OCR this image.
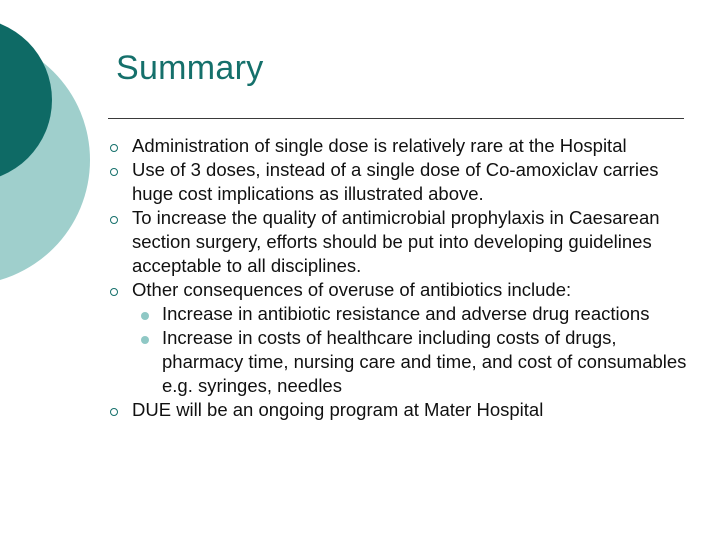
Summary
Administration of single dose is relatively rare at the Hospital
Use of 3 doses, instead of a single dose of Co-amoxiclav carries huge cost implications as illustrated above.
To increase the quality of antimicrobial prophylaxis in Caesarean section surgery, efforts should be put into developing guidelines acceptable to all disciplines.
Other consequences of overuse of antibiotics include:
Increase in antibiotic resistance and adverse drug reactions
Increase in costs of healthcare including costs of drugs, pharmacy time, nursing care and time, and cost of consumables e.g. syringes, needles
DUE will be an ongoing program at Mater Hospital
